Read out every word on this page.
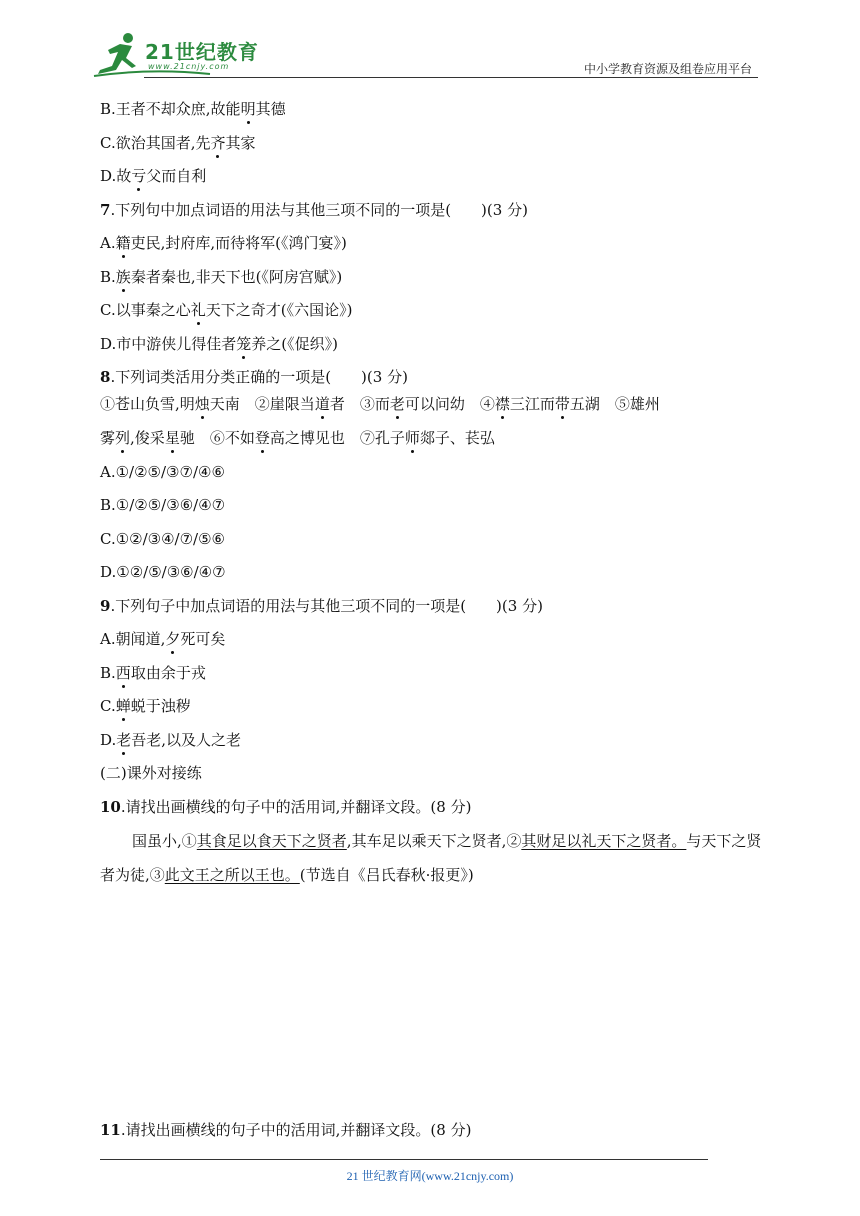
21世纪教育
www.21cnjy.com	中小学教育资源及组卷应用平台

B.王者不却众庶,故能明其德

C.欲治其国者,先齐其家

D.故亏父而自利

7.下列句中加点词语的用法与其他三项不同的一项是(　　)(3 分)

A.籍吏民,封府库,而待将军(《鸿门宴》)

B.族秦者秦也,非天下也(《阿房宫赋》)

C.以事秦之心礼天下之奇才(《六国论》)

D.市中游侠儿得佳者笼养之(《促织》)

8.下列词类活用分类正确的一项是(　　)(3 分)

①苍山负雪,明烛天南　②崖限当道者　③而老可以问幼　④襟三江而带五湖　⑤雄州

雾列,俊采星驰　⑥不如登高之博见也　⑦孔子师郯子、苌弘

A.①/②⑤/③⑦/④⑥

B.①/②⑤/③⑥/④⑦

C.①②/③④/⑦/⑤⑥

D.①②/⑤/③⑥/④⑦

9.下列句子中加点词语的用法与其他三项不同的一项是(　　)(3 分)

A.朝闻道,夕死可矣

B.西取由余于戎

C.蝉蜕于浊秽

D.老吾老,以及人之老

(二)课外对接练

10.请找出画横线的句子中的活用词,并翻译文段。(8 分)

国虽小,①其食足以食天下之贤者,其车足以乘天下之贤者,②其财足以礼天下之贤者。与天下之贤者为徒,③此文王之所以王也。(节选自《吕氏春秋·报更》)

11.请找出画横线的句子中的活用词,并翻译文段。(8 分)

21 世纪教育网(www.21cnjy.com)
